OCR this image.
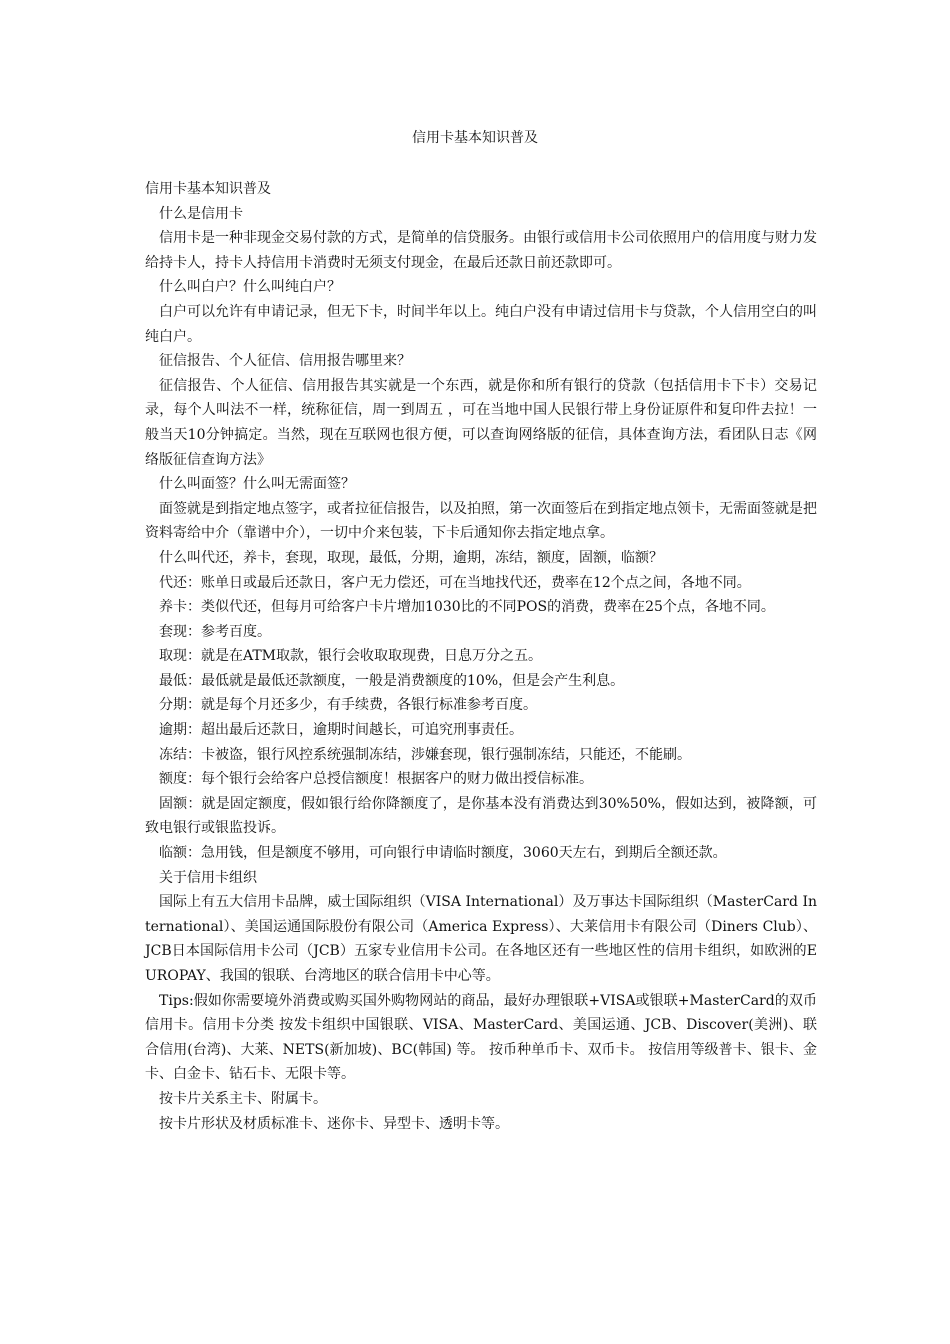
信用卡基本知识普及

信用卡基本知识普及

什么是信用卡

信用卡是一种非现金交易付款的方式，是简单的信贷服务。由银行或信用卡公司依照用户的信用度与财力发给持卡人，持卡人持信用卡消费时无须支付现金，在最后还款日前还款即可。

什么叫白户？什么叫纯白户？

白户可以允许有申请记录，但无下卡，时间半年以上。纯白户没有申请过信用卡与贷款，个人信用空白的叫纯白户。

征信报告、个人征信、信用报告哪里来？

征信报告、个人征信、信用报告其实就是一个东西，就是你和所有银行的贷款（包括信用卡下卡）交易记录，每个人叫法不一样，统称征信，周一到周五 ，可在当地中国人民银行带上身份证原件和复印件去拉！一般当天10分钟搞定。当然，现在互联网也很方便，可以查询网络版的征信，具体查询方法，看团队日志《网络版征信查询方法》

什么叫面签？什么叫无需面签？

面签就是到指定地点签字，或者拉征信报告，以及拍照，第一次面签后在到指定地点领卡，无需面签就是把资料寄给中介（靠谱中介），一切中介来包装，下卡后通知你去指定地点拿。

什么叫代还，养卡，套现，取现，最低，分期，逾期，冻结，额度，固额，临额？

代还：账单日或最后还款日，客户无力偿还，可在当地找代还，费率在12个点之间，各地不同。

养卡：类似代还，但每月可给客户卡片增加1030比的不同POS的消费，费率在25个点，各地不同。

套现：参考百度。

取现：就是在ATM取款，银行会收取取现费，日息万分之五。

最低：最低就是最低还款额度，一般是消费额度的10%，但是会产生利息。

分期：就是每个月还多少，有手续费，各银行标准参考百度。

逾期：超出最后还款日，逾期时间越长，可追究刑事责任。

冻结：卡被盗，银行风控系统强制冻结，涉嫌套现，银行强制冻结，只能还，不能刷。

额度：每个银行会给客户总授信额度！根据客户的财力做出授信标准。

固额：就是固定额度，假如银行给你降额度了，是你基本没有消费达到30%50%，假如达到，被降额，可致电银行或银监投诉。

临额：急用钱，但是额度不够用，可向银行申请临时额度，3060天左右，到期后全额还款。

关于信用卡组织

国际上有五大信用卡品牌，威士国际组织（VISA International）及万事达卡国际组织（MasterCard International）、美国运通国际股份有限公司（America Express）、大莱信用卡有限公司（Diners Club）、JCB日本国际信用卡公司（JCB）五家专业信用卡公司。在各地区还有一些地区性的信用卡组织，如欧洲的EUROPAY、我国的银联、台湾地区的联合信用卡中心等。

Tips:假如你需要境外消费或购买国外购物网站的商品，最好办理银联+VISA或银联+MasterCard的双币信用卡。信用卡分类 按发卡组织中国银联、VISA、MasterCard、美国运通、JCB、Discover(美洲)、联合信用(台湾)、大莱、NETS(新加坡)、BC(韩国) 等。 按币种单币卡、双币卡。 按信用等级普卡、银卡、金卡、白金卡、钻石卡、无限卡等。

按卡片关系主卡、附属卡。

按卡片形状及材质标准卡、迷你卡、异型卡、透明卡等。
